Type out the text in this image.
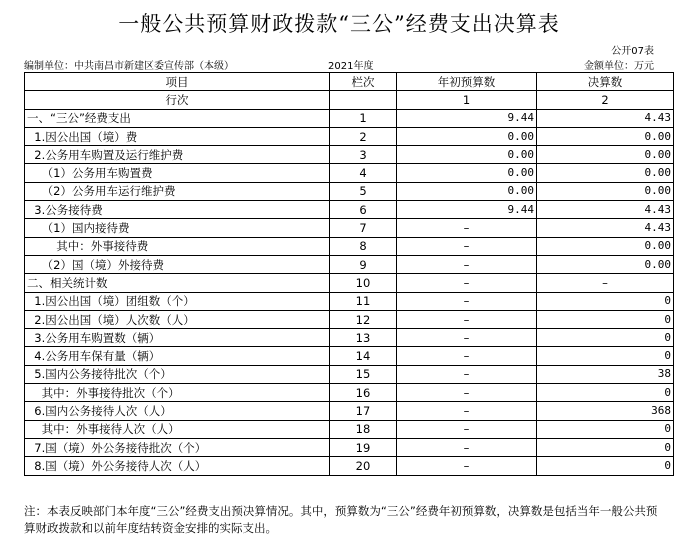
一般公共预算财政拨款“三公”经费支出决算表
公开07表
编制单位：中共南昌市新建区委宣传部（本级）	2021年度	金额单位：万元
项目	栏次	年初预算数	决算数
行次		1	2
一、“三公”经费支出	1	9.44	4.43
1.因公出国（境）费	2	0.00	0.00
2.公务用车购置及运行维护费	3	0.00	0.00
（1）公务用车购置费	4	0.00	0.00
（2）公务用车运行维护费	5	0.00	0.00
3.公务接待费	6	9.44	4.43
（1）国内接待费	7	–	4.43
其中：外事接待费	8	–	0.00
（2）国（境）外接待费	9	–	0.00
二、相关统计数	10	–	–
1.因公出国（境）团组数（个）	11	–	0
2.因公出国（境）人次数（人）	12	–	0
3.公务用车购置数（辆）	13	–	0
4.公务用车保有量（辆）	14	–	0
5.国内公务接待批次（个）	15	–	38
其中：外事接待批次（个）	16	–	0
6.国内公务接待人次（人）	17	–	368
其中：外事接待人次（人）	18	–	0
7.国（境）外公务接待批次（个）	19	–	0
8.国（境）外公务接待人次（人）	20	–	0
注：本表反映部门本年度“三公”经费支出预决算情况。其中，预算数为“三公”经费年初预算数，决算数是包括当年一般公共预算财政拨款和以前年度结转资金安排的实际支出。
